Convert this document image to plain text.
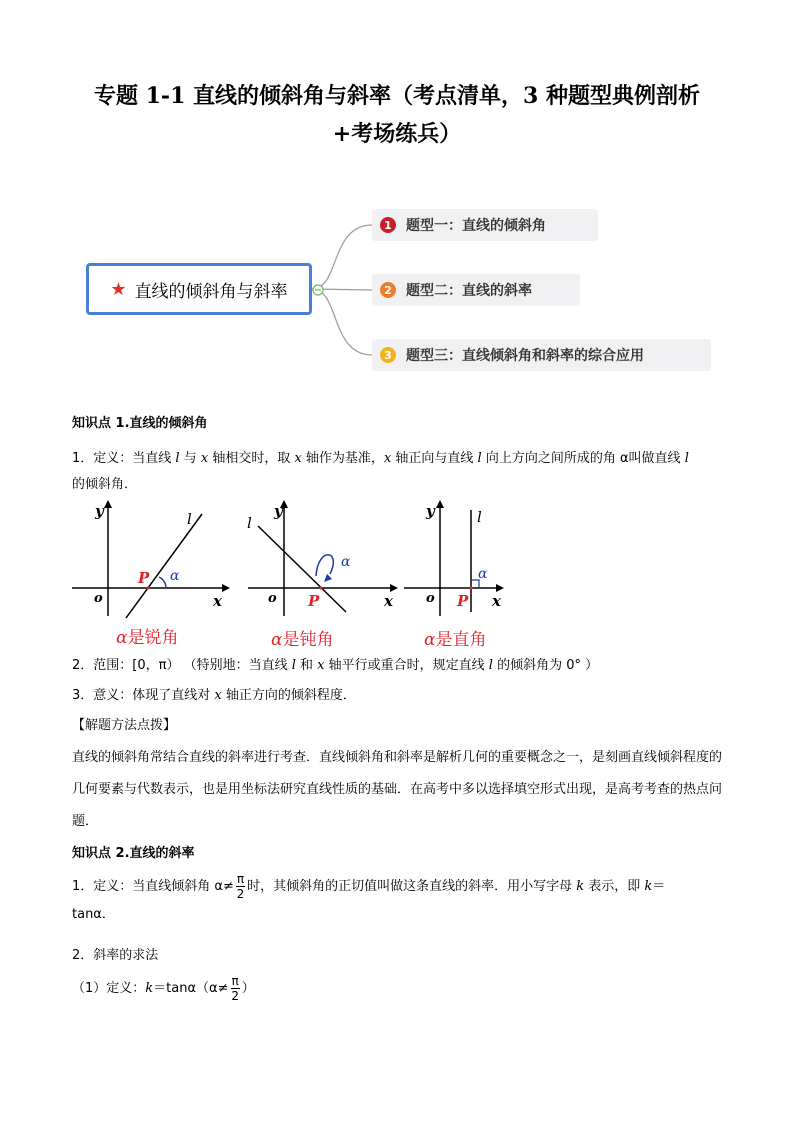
专题 1-1 直线的倾斜角与斜率（考点清单，3 种题型典例剖析
+考场练兵）
★ 直线的倾斜角与斜率
1 题型一：直线的倾斜角
2 题型二：直线的斜率
3 题型三：直线倾斜角和斜率的综合应用
知识点 1.直线的倾斜角
1．定义：当直线 l 与 x 轴相交时，取 x 轴作为基准，x 轴正向与直线 l 向上方向之间所成的角 α叫做直线 l
的倾斜角．
y
x
o
l
α
P
α是锐角
y
x
o
l
α
P
α是钝角
y
x
o
l
α
P
α是直角
2．范围：[0，π） （特别地：当直线 l 和 x 轴平行或重合时，规定直线 l 的倾斜角为 0° ）
3．意义：体现了直线对 x 轴正方向的倾斜程度．
【解题方法点拨】
直线的倾斜角常结合直线的斜率进行考查．直线倾斜角和斜率是解析几何的重要概念之一，是刻画直线倾斜程度的几何要素与代数表示，也是用坐标法研究直线性质的基础．在高考中多以选择填空形式出现，是高考考查的热点问题．
知识点 2.直线的斜率
1．定义：当直线倾斜角 $\alpha\ne \frac{\pi}{2}$ 时，其倾斜角的正切值叫做这条直线的斜率．用小写字母 k 表示，即 k＝
tanα．
2．斜率的求法
（1）定义：$k=\tan\alpha(\alpha\ne \frac{\pi}{2}$ ）
